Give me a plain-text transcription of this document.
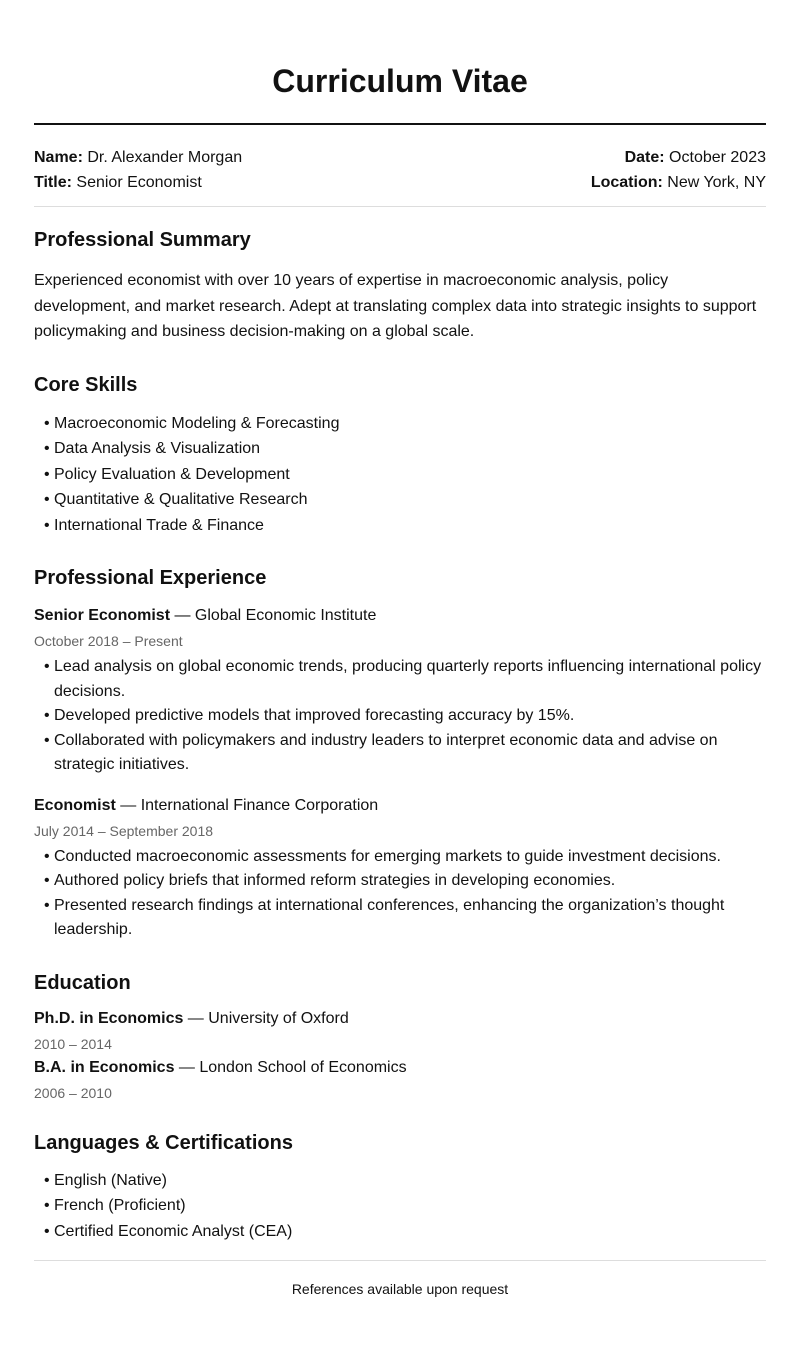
Curriculum Vitae
Name: Dr. Alexander Morgan
Title: Senior Economist
Date: October 2023
Location: New York, NY
Professional Summary

Experienced economist with over 10 years of expertise in macroeconomic analysis, policy development, and market research. Adept at translating complex data into strategic insights to support policymaking and business decision-making on a global scale.

Core Skills
• Macroeconomic Modeling & Forecasting
• Data Analysis & Visualization
• Policy Evaluation & Development
• Quantitative & Qualitative Research
• International Trade & Finance
Professional Experience
Senior Economist — Global Economic Institute
October 2018 – Present
• Lead analysis on global economic trends, producing quarterly reports influencing international policy decisions.
• Developed predictive models that improved forecasting accuracy by 15%.
• Collaborated with policymakers and industry leaders to interpret economic data and advise on strategic initiatives.
Economist — International Finance Corporation
July 2014 – September 2018
• Conducted macroeconomic assessments for emerging markets to guide investment decisions.
• Authored policy briefs that informed reform strategies in developing economies.
• Presented research findings at international conferences, enhancing the organization’s thought leadership.
Education
Ph.D. in Economics — University of Oxford
2010 – 2014
B.A. in Economics — London School of Economics
2006 – 2010
Languages & Certifications
• English (Native)
• French (Proficient)
• Certified Economic Analyst (CEA)
References available upon request
